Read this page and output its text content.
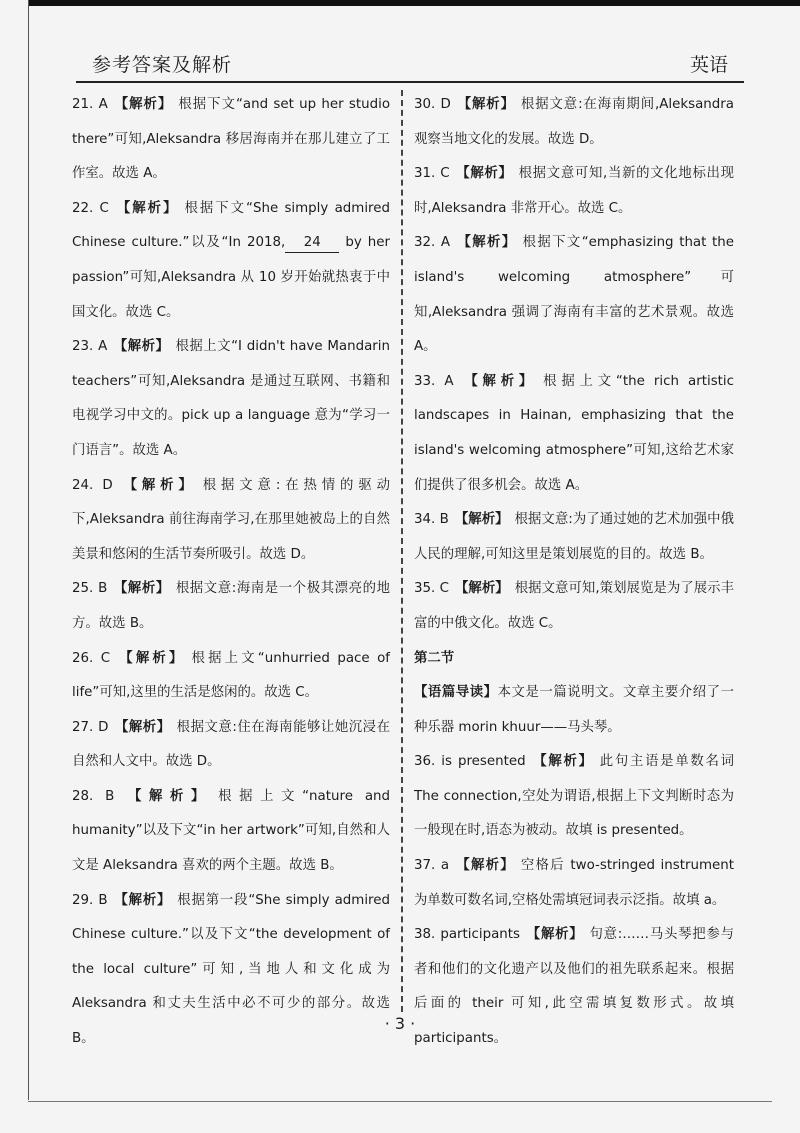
参考答案及解析	英语
21. A 【解析】 根据下文“and set up her studio there”可知,Aleksandra 移居海南并在那儿建立了工作室。故选 A。
22. C 【解析】 根据下文“She simply admired Chinese culture.”以及“In 2018, 24 by her passion”可知,Aleksandra 从 10 岁开始就热衷于中国文化。故选 C。
23. A 【解析】 根据上文“I didn't have Mandarin teachers”可知,Aleksandra 是通过互联网、书籍和电视学习中文的。pick up a language 意为“学习一门语言”。故选 A。
24. D 【解析】 根据文意:在热情的驱动下,Aleksandra 前往海南学习,在那里她被岛上的自然美景和悠闲的生活节奏所吸引。故选 D。
25. B 【解析】 根据文意:海南是一个极其漂亮的地方。故选 B。
26. C 【解析】 根据上文“unhurried pace of life”可知,这里的生活是悠闲的。故选 C。
27. D 【解析】 根据文意:住在海南能够让她沉浸在自然和人文中。故选 D。
28. B 【解析】 根据上文“nature and humanity”以及下文“in her artwork”可知,自然和人文是 Aleksandra 喜欢的两个主题。故选 B。
29. B 【解析】 根据第一段“She simply admired Chinese culture.”以及下文“the development of the local culture”可知,当地人和文化成为 Aleksandra 和丈夫生活中必不可少的部分。故选 B。
30. D 【解析】 根据文意:在海南期间,Aleksandra 观察当地文化的发展。故选 D。
31. C 【解析】 根据文意可知,当新的文化地标出现时,Aleksandra 非常开心。故选 C。
32. A 【解析】 根据下文“emphasizing that the island's welcoming atmosphere”可知,Aleksandra 强调了海南有丰富的艺术景观。故选 A。
33. A 【解析】 根据上文“the rich artistic landscapes in Hainan, emphasizing that the island's welcoming atmosphere”可知,这给艺术家们提供了很多机会。故选 A。
34. B 【解析】 根据文意:为了通过她的艺术加强中俄人民的理解,可知这里是策划展览的目的。故选 B。
35. C 【解析】 根据文意可知,策划展览是为了展示丰富的中俄文化。故选 C。
第二节
【语篇导读】本文是一篇说明文。文章主要介绍了一种乐器 morin khuur——马头琴。
36. is presented 【解析】 此句主语是单数名词 The connection,空处为谓语,根据上下文判断时态为一般现在时,语态为被动。故填 is presented。
37. a 【解析】 空格后 two-stringed instrument 为单数可数名词,空格处需填冠词表示泛指。故填 a。
38. participants 【解析】 句意:……马头琴把参与者和他们的文化遗产以及他们的祖先联系起来。根据后面的 their 可知,此空需填复数形式。故填 participants。
· 3 ·
